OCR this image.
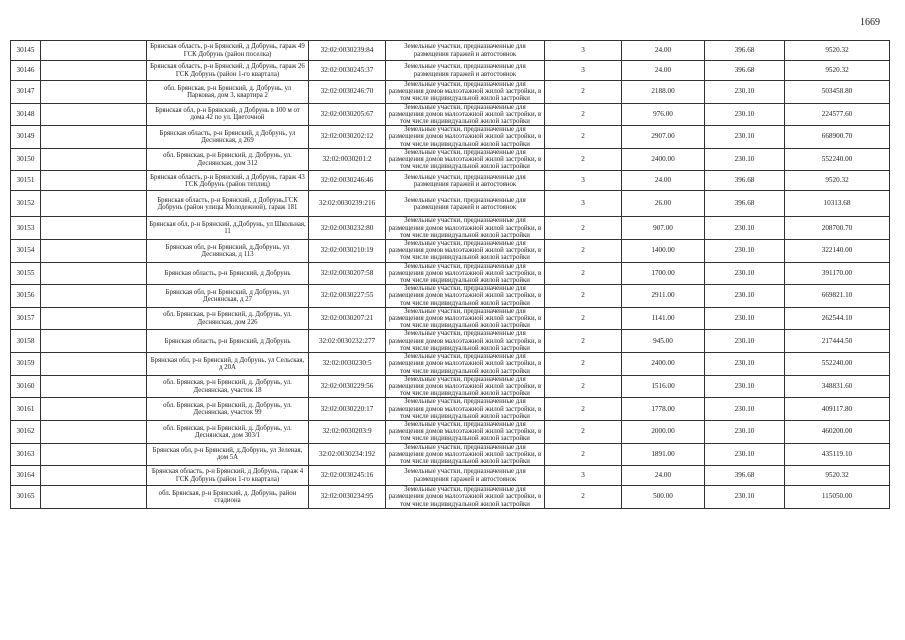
1669
30145		Брянская область, р-н Брянский, д Добрунь, гараж 49 ГСК Добрунь (район поселка)	32:02:0030239:84	Земельные участки, предназначенные для размещения гаражей и автостоянок	3	24.00	396.68	9520.32
30146		Брянская область, р-н Брянский, д Добрунь, гараж 26 ГСК Добрунь (район 1-го квартала)	32:02:0030245:37	Земельные участки, предназначенные для размещения гаражей и автостоянок	3	24.00	396.68	9520.32
30147		обл. Брянская, р-н Брянский, д. Добрунь, ул Парковая, дом 3, квартира 2	32:02:0030246:70	Земельные участки, предназначенные для размещения домов малоэтажной жилой застройки, в том числе индивидуальной жилой застройки	2	2188.00	230.10	503458.80
30148		Брянская обл, р-н Брянский, д Добрунь в 100 м от дома 42 по ул. Цветочной	32:02:0030205:67	Земельные участки, предназначенные для размещения домов малоэтажной жилой застройки, в том числе индивидуальной жилой застройки	2	976.00	230.10	224577.60
30149		Брянская область, р-н Брянский, д Добрунь, ул Деснянская, д 269	32:02:0030202:12	Земельные участки, предназначенные для размещения домов малоэтажной жилой застройки, в том числе индивидуальной жилой застройки	2	2907.00	230.10	668900.70
30150		обл. Брянская, р-н Брянский, д. Добрунь, ул. Деснянская, дом 312	32:02:0030201:2	Земельные участки, предназначенные для размещения домов малоэтажной жилой застройки, в том числе индивидуальной жилой застройки	2	2400.00	230.10	552240.00
30151		Брянская область, р-н Брянский, д Добрунь, гараж 43 ГСК Добрунь (район теплиц)	32:02:0030246:46	Земельные участки, предназначенные для размещения гаражей и автостоянок	3	24.00	396.68	9520.32
30152		Брянская область, р-н Брянский, д Добрунь,ГСК Добрунь (район улицы Молодежной), гараж 181	32:02:0030239:216	Земельные участки, предназначенные для размещения гаражей и автостоянок	3	26.00	396.68	10313.68
30153		Брянская обл, р-н Брянский, д.Добрунь, ул Школьная, 11	32:02:0030232:80	Земельные участки, предназначенные для размещения домов малоэтажной жилой застройки, в том числе индивидуальной жилой застройки	2	907.00	230.10	208700.70
30154		Брянская обл, р-н Брянский, д.Добрунь, ул Деснянская, д 113	32:02:0030210:19	Земельные участки, предназначенные для размещения домов малоэтажной жилой застройки, в том числе индивидуальной жилой застройки	2	1400.00	230.10	322140.00
30155		Брянская область, р-н Брянский, д Добрунь	32:02:0030207:58	Земельные участки, предназначенные для размещения домов малоэтажной жилой застройки, в том числе индивидуальной жилой застройки	2	1700.00	230.10	391170.00
30156		Брянская обл, р-н Брянский, д Добрунь, ул Деснянская, д 27	32:02:0030227:55	Земельные участки, предназначенные для размещения домов малоэтажной жилой застройки, в том числе индивидуальной жилой застройки	2	2911.00	230.10	669821.10
30157		обл. Брянская, р-н Брянский, д. Добрунь, ул. Деснянская, дом 226	32:02:0030207:21	Земельные участки, предназначенные для размещения домов малоэтажной жилой застройки, в том числе индивидуальной жилой застройки	2	1141.00	230.10	262544.10
30158		Брянская область, р-н Брянский, д Добрунь	32:02:0030232:277	Земельные участки, предназначенные для размещения домов малоэтажной жилой застройки, в том числе индивидуальной жилой застройки	2	945.00	230.10	217444.50
30159		Брянская обл, р-н Брянский, д Добрунь, ул Сельская, д 20А	32:02:0030230:5	Земельные участки, предназначенные для размещения домов малоэтажной жилой застройки, в том числе индивидуальной жилой застройки	2	2400.00	230.10	552240.00
30160		обл. Брянская, р-н Брянский, д. Добрунь, ул. Деснянская, участок 18	32:02:0030229:56	Земельные участки, предназначенные для размещения домов малоэтажной жилой застройки, в том числе индивидуальной жилой застройки	2	1516.00	230.10	348831.60
30161		обл. Брянская, р-н Брянский, д. Добрунь, ул. Деснянская, участок 99	32:02:0030220:17	Земельные участки, предназначенные для размещения домов малоэтажной жилой застройки, в том числе индивидуальной жилой застройки	2	1778.00	230.10	409117.80
30162		обл. Брянская, р-н Брянский, д. Добрунь, ул. Деснянская, дом 303/1	32:02:0030203:9	Земельные участки, предназначенные для размещения домов малоэтажной жилой застройки, в том числе индивидуальной жилой застройки	2	2000.00	230.10	460200.00
30163		Брянская обл, р-н Брянский, д.Добрунь, ул Зеленая, дом 5А	32:02:0030234:192	Земельные участки, предназначенные для размещения домов малоэтажной жилой застройки, в том числе индивидуальной жилой застройки	2	1891.00	230.10	435119.10
30164		Брянская область, р-н Брянский, д Добрунь, гараж 4 ГСК Добрунь (район 1-го квартала)	32:02:0030245:16	Земельные участки, предназначенные для размещения гаражей и автостоянок	3	24.00	396.68	9520.32
30165		обл. Брянская, р-н Брянский, д. Добрунь, район стадиона	32:02:0030234:95	Земельные участки, предназначенные для размещения домов малоэтажной жилой застройки, в том числе индивидуальной жилой застройки	2	500.00	230.10	115050.00
